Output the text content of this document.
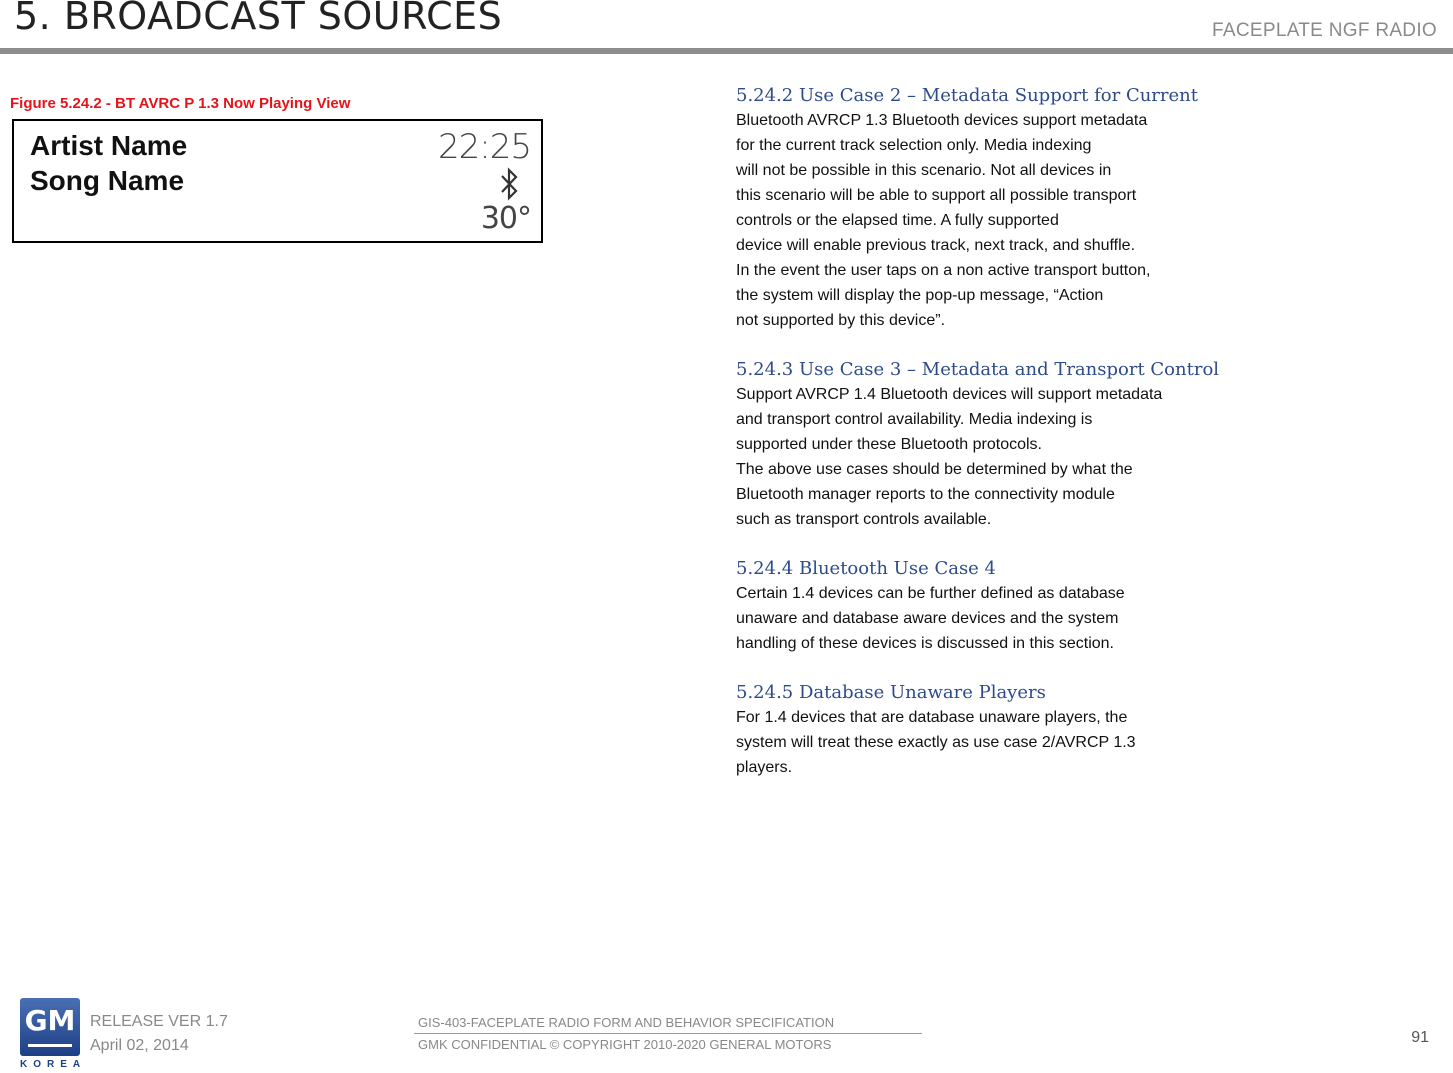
5. BROADCAST SOURCES	FACEPLATE NGF RADIO
Figure 5.24.2 - BT AVRC P 1.3 Now Playing View
Artist Name
Song Name
22:25
30°
5.24.2 Use Case 2 – Metadata Support for Current
Bluetooth AVRCP 1.3 Bluetooth devices support metadata
for the current track selection only. Media indexing
will not be possible in this scenario. Not all devices in
this scenario will be able to support all possible transport
controls or the elapsed time. A fully supported
device will enable previous track, next track, and shuffle.
In the event the user taps on a non active transport button,
the system will display the pop-up message, “Action
not supported by this device”.
5.24.3 Use Case 3 – Metadata and Transport Control
Support AVRCP 1.4 Bluetooth devices will support metadata
and transport control availability. Media indexing is
supported under these Bluetooth protocols.
The above use cases should be determined by what the
Bluetooth manager reports to the connectivity module
such as transport controls available.
5.24.4 Bluetooth Use Case 4
Certain 1.4 devices can be further defined as database
unaware and database aware devices and the system
handling of these devices is discussed in this section.
5.24.5 Database Unaware Players
For 1.4 devices that are database unaware players, the
system will treat these exactly as use case 2/AVRCP 1.3
players.
GM
KOREA
RELEASE VER 1.7
April 02, 2014
GIS-403-FACEPLATE RADIO FORM AND BEHAVIOR SPECIFICATION
GMK CONFIDENTIAL © COPYRIGHT 2010-2020 GENERAL MOTORS	91
